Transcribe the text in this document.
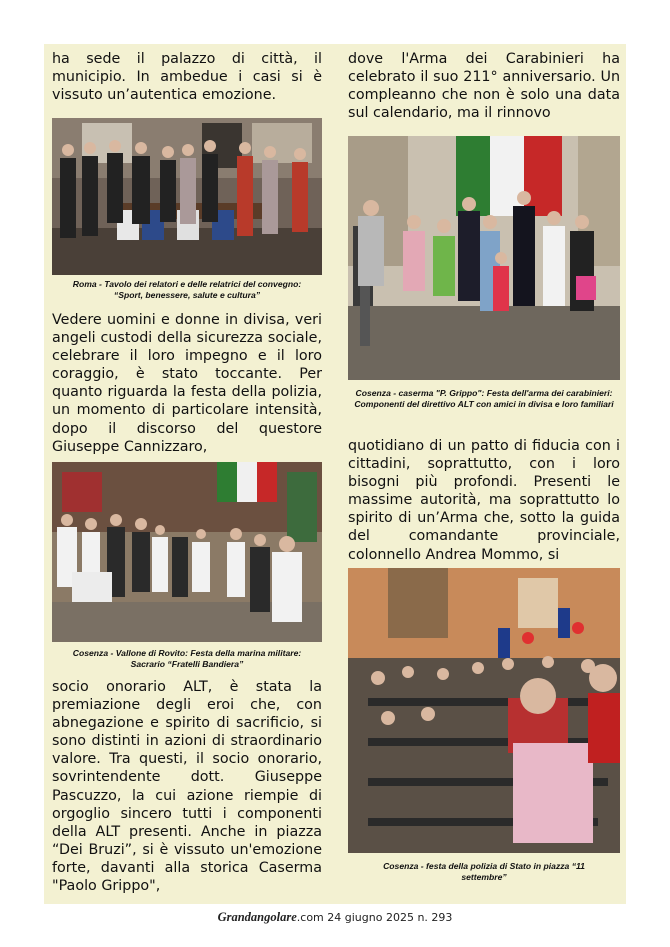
ha sede il palazzo di città, il municipio. In ambedue i casi si è vissuto un’autentica emozione.

Roma - Tavolo dei relatori e delle relatrici del convegno: “Sport, benessere, salute e cultura”

Vedere uomini e donne in divisa, veri angeli custodi della sicurezza sociale, celebrare il loro impegno e il loro coraggio, è stato toccante. Per quanto riguarda la festa della polizia, un momento di particolare intensità, dopo il discorso del questore Giuseppe Cannizzaro,

Cosenza - Vallone di Rovito: Festa della marina militare: Sacrario “Fratelli Bandiera”

socio onorario ALT, è stata la premiazione degli eroi che, con abnegazione e spirito di sacrificio, si sono distinti in azioni di straordinario valore. Tra questi, il socio onorario, sovrintendente dott. Giuseppe Pascuzzo, la cui azione riempie di orgoglio sincero tutti i componenti della ALT presenti. Anche in piazza “Dei Bruzi”, si è vissuto un'emozione forte, davanti alla storica Caserma "Paolo Grippo",

dove l'Arma dei Carabinieri ha celebrato il suo 211° anniversario. Un compleanno che non è solo una data sul calendario, ma il rinnovo

Cosenza - caserma "P. Grippo": Festa dell'arma dei carabinieri: Componenti del direttivo ALT con amici in divisa e loro familiari

quotidiano di un patto di fiducia con i cittadini, soprattutto, con i loro bisogni più profondi. Presenti le massime autorità, ma soprattutto lo spirito di un’Arma che, sotto la guida del comandante provinciale, colonnello Andrea Mommo, si

Cosenza - festa della polizia di Stato in piazza “11 settembre”

Grandangolare.com 24 giugno 2025 n. 293
